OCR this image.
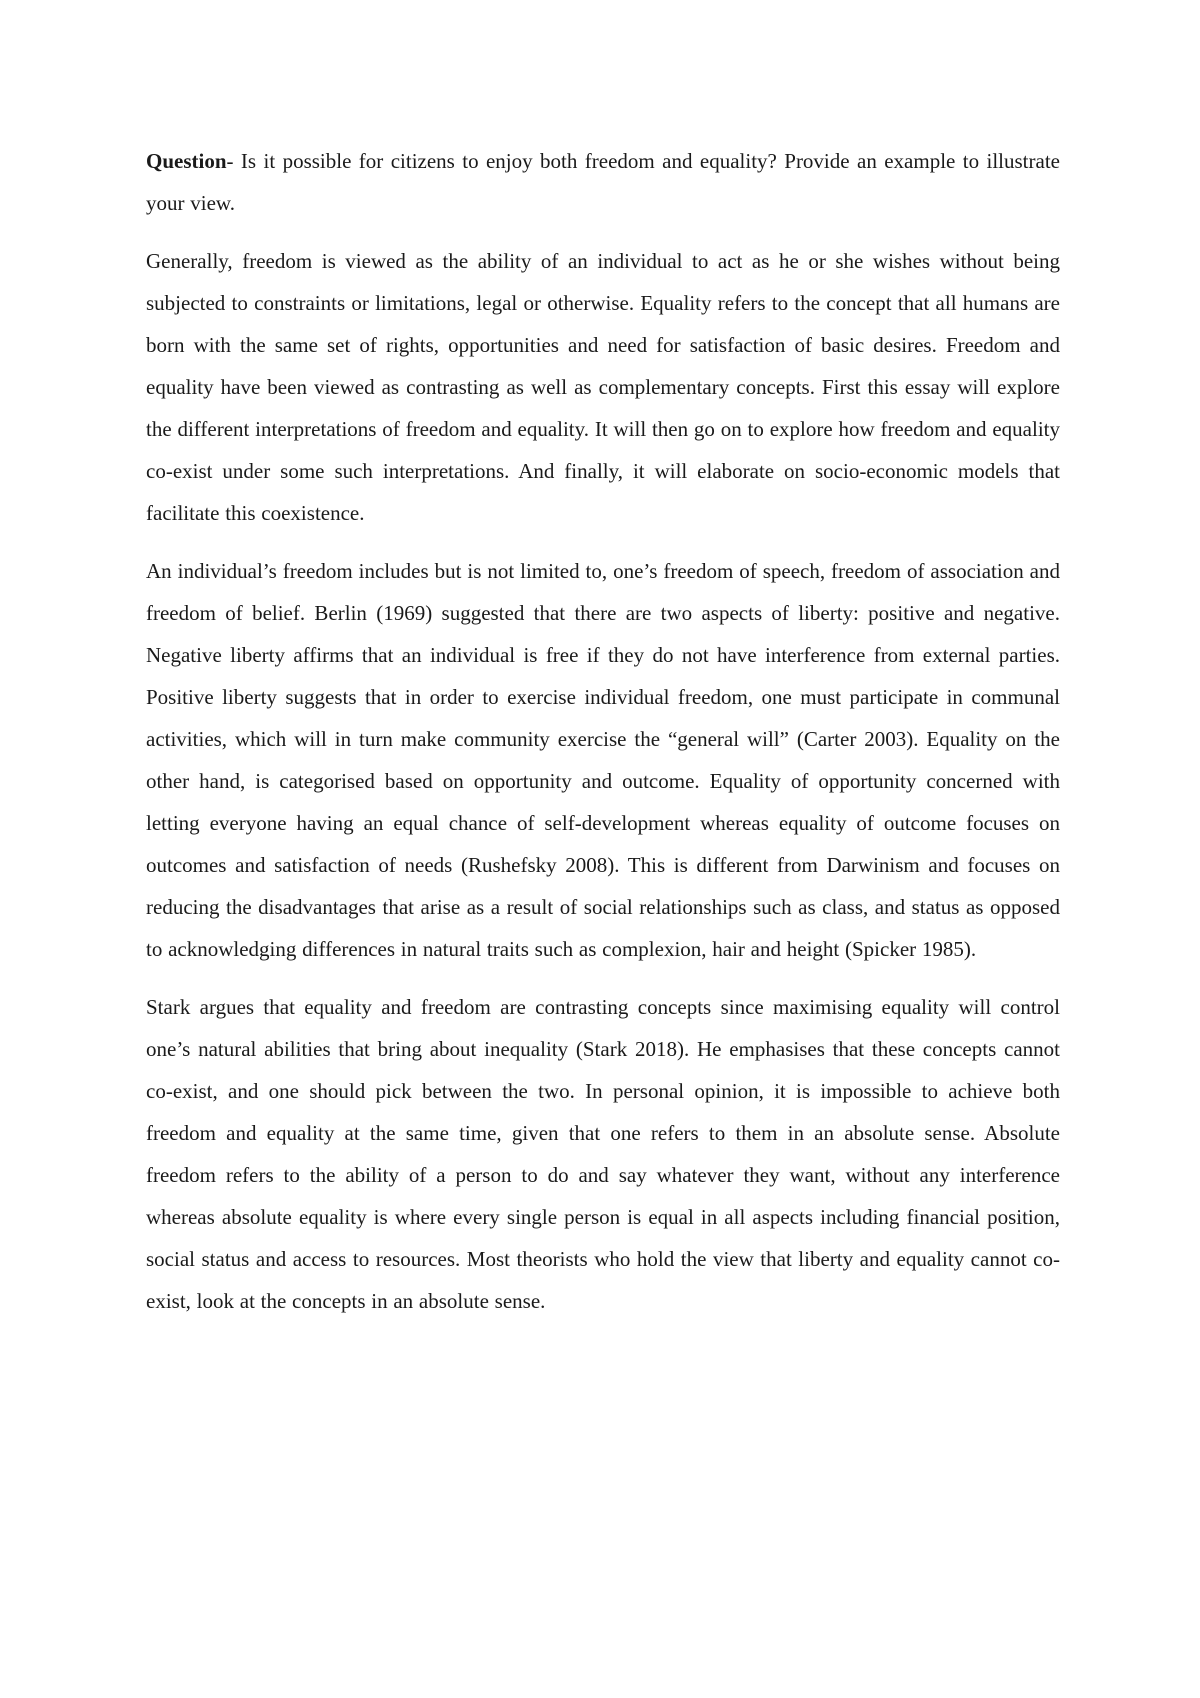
Question- Is it possible for citizens to enjoy both freedom and equality? Provide an example to illustrate your view.

Generally, freedom is viewed as the ability of an individual to act as he or she wishes without being subjected to constraints or limitations, legal or otherwise. Equality refers to the concept that all humans are born with the same set of rights, opportunities and need for satisfaction of basic desires. Freedom and equality have been viewed as contrasting as well as complementary concepts. First this essay will explore the different interpretations of freedom and equality. It will then go on to explore how freedom and equality co-exist under some such interpretations. And finally, it will elaborate on socio-economic models that facilitate this coexistence.

An individual’s freedom includes but is not limited to, one’s freedom of speech, freedom of association and freedom of belief. Berlin (1969) suggested that there are two aspects of liberty: positive and negative. Negative liberty affirms that an individual is free if they do not have interference from external parties. Positive liberty suggests that in order to exercise individual freedom, one must participate in communal activities, which will in turn make community exercise the “general will” (Carter 2003). Equality on the other hand, is categorised based on opportunity and outcome. Equality of opportunity concerned with letting everyone having an equal chance of self-development whereas equality of outcome focuses on outcomes and satisfaction of needs (Rushefsky 2008). This is different from Darwinism and focuses on reducing the disadvantages that arise as a result of social relationships such as class, and status as opposed to acknowledging differences in natural traits such as complexion, hair and height (Spicker 1985).

Stark argues that equality and freedom are contrasting concepts since maximising equality will control one’s natural abilities that bring about inequality (Stark 2018). He emphasises that these concepts cannot co-exist, and one should pick between the two. In personal opinion, it is impossible to achieve both freedom and equality at the same time, given that one refers to them in an absolute sense. Absolute freedom refers to the ability of a person to do and say whatever they want, without any interference whereas absolute equality is where every single person is equal in all aspects including financial position, social status and access to resources. Most theorists who hold the view that liberty and equality cannot co-exist, look at the concepts in an absolute sense.
